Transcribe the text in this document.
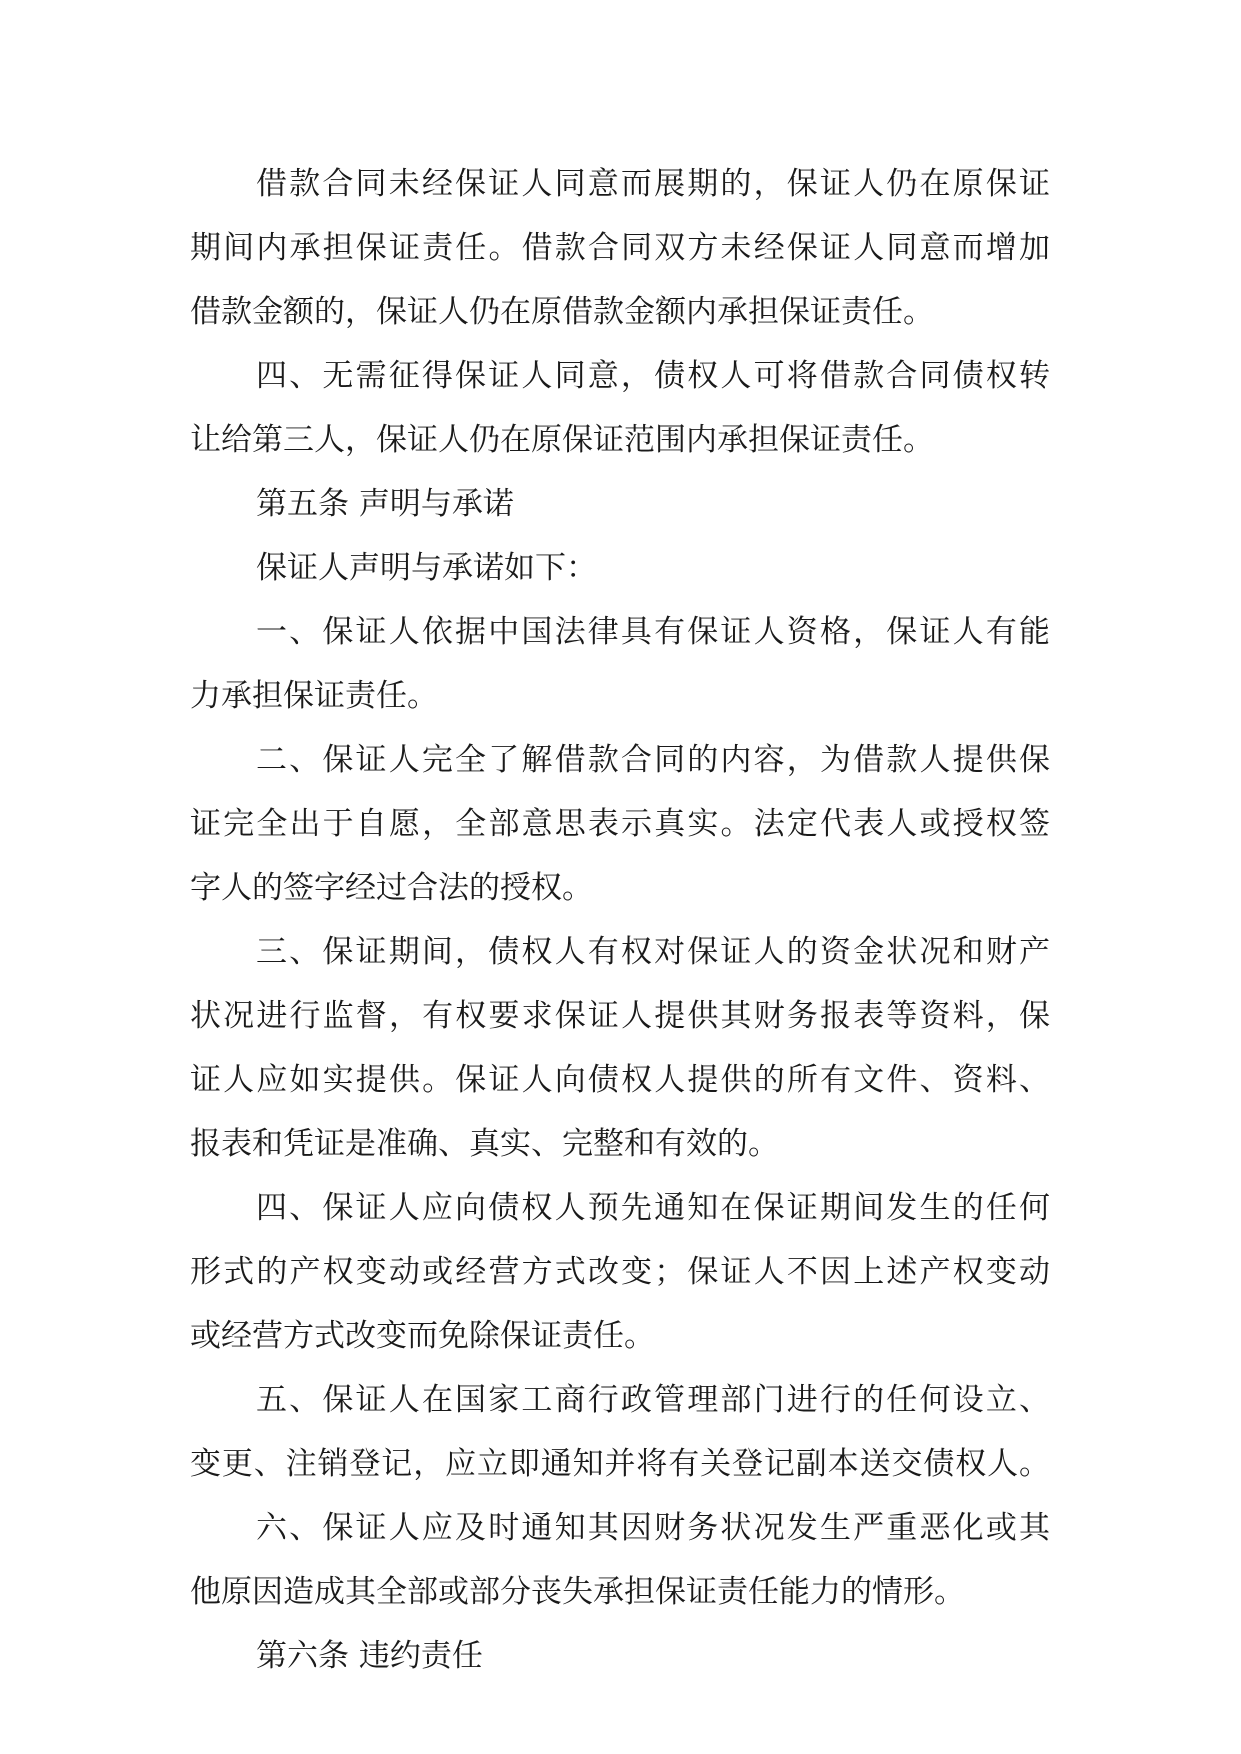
借款合同未经保证人同意而展期的，保证人仍在原保证
期间内承担保证责任。借款合同双方未经保证人同意而增加
借款金额的，保证人仍在原借款金额内承担保证责任。
四、无需征得保证人同意，债权人可将借款合同债权转
让给第三人，保证人仍在原保证范围内承担保证责任。
第五条 声明与承诺
保证人声明与承诺如下：
一、保证人依据中国法律具有保证人资格，保证人有能
力承担保证责任。
二、保证人完全了解借款合同的内容，为借款人提供保
证完全出于自愿，全部意思表示真实。法定代表人或授权签
字人的签字经过合法的授权。
三、保证期间，债权人有权对保证人的资金状况和财产
状况进行监督，有权要求保证人提供其财务报表等资料，保
证人应如实提供。保证人向债权人提供的所有文件、资料、
报表和凭证是准确、真实、完整和有效的。
四、保证人应向债权人预先通知在保证期间发生的任何
形式的产权变动或经营方式改变；保证人不因上述产权变动
或经营方式改变而免除保证责任。
五、保证人在国家工商行政管理部门进行的任何设立、
变更、注销登记，应立即通知并将有关登记副本送交债权人。
六、保证人应及时通知其因财务状况发生严重恶化或其
他原因造成其全部或部分丧失承担保证责任能力的情形。
第六条 违约责任
